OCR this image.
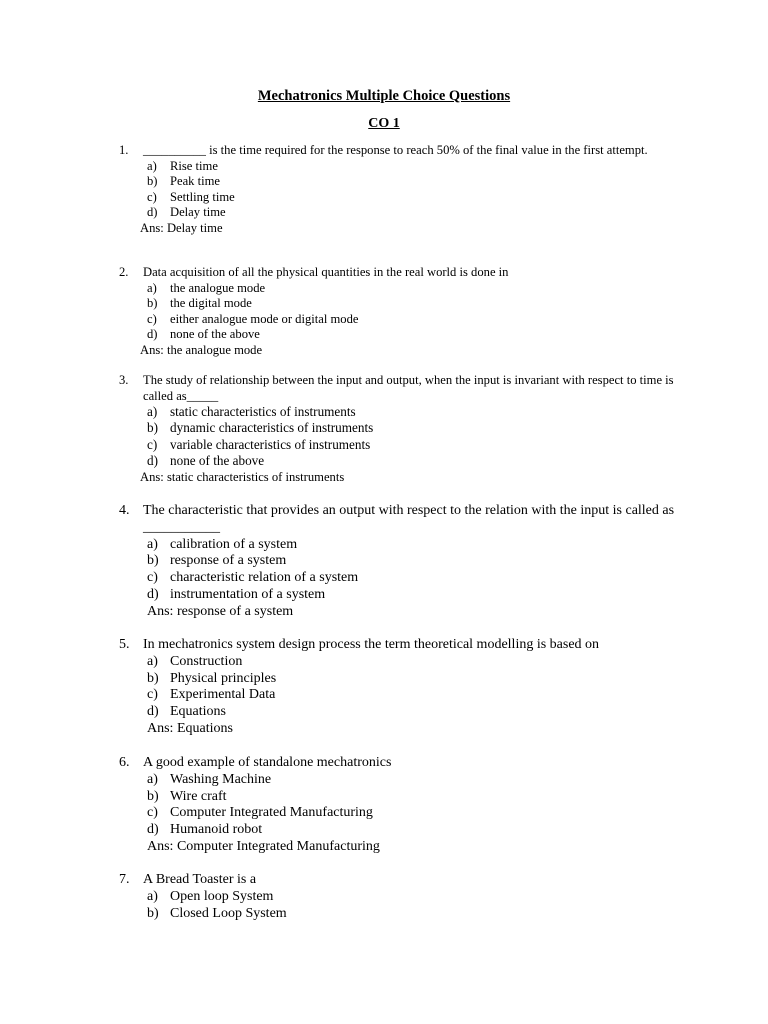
Mechatronics Multiple Choice Questions
CO 1
1. __________ is the time required for the response to reach 50% of the final value in the first attempt.
a) Rise time
b) Peak time
c) Settling time
d) Delay time
Ans: Delay time
2. Data acquisition of all the physical quantities in the real world is done in
a) the analogue mode
b) the digital mode
c) either analogue mode or digital mode
d) none of the above
Ans: the analogue mode
3. The study of relationship between the input and output, when the input is invariant with respect to time is called as_____
a) static characteristics of instruments
b) dynamic characteristics of instruments
c) variable characteristics of instruments
d) none of the above
Ans: static characteristics of instruments
4. The characteristic that provides an output with respect to the relation with the input is called as ___________
a) calibration of a system
b) response of a system
c) characteristic relation of a system
d) instrumentation of a system
Ans: response of a system
5. In mechatronics system design process the term theoretical modelling is based on
a) Construction
b) Physical principles
c) Experimental Data
d) Equations
Ans: Equations
6. A good example of standalone mechatronics
a) Washing Machine
b) Wire craft
c) Computer Integrated Manufacturing
d) Humanoid robot
Ans: Computer Integrated Manufacturing
7. A Bread Toaster is a
a) Open loop System
b) Closed Loop System
